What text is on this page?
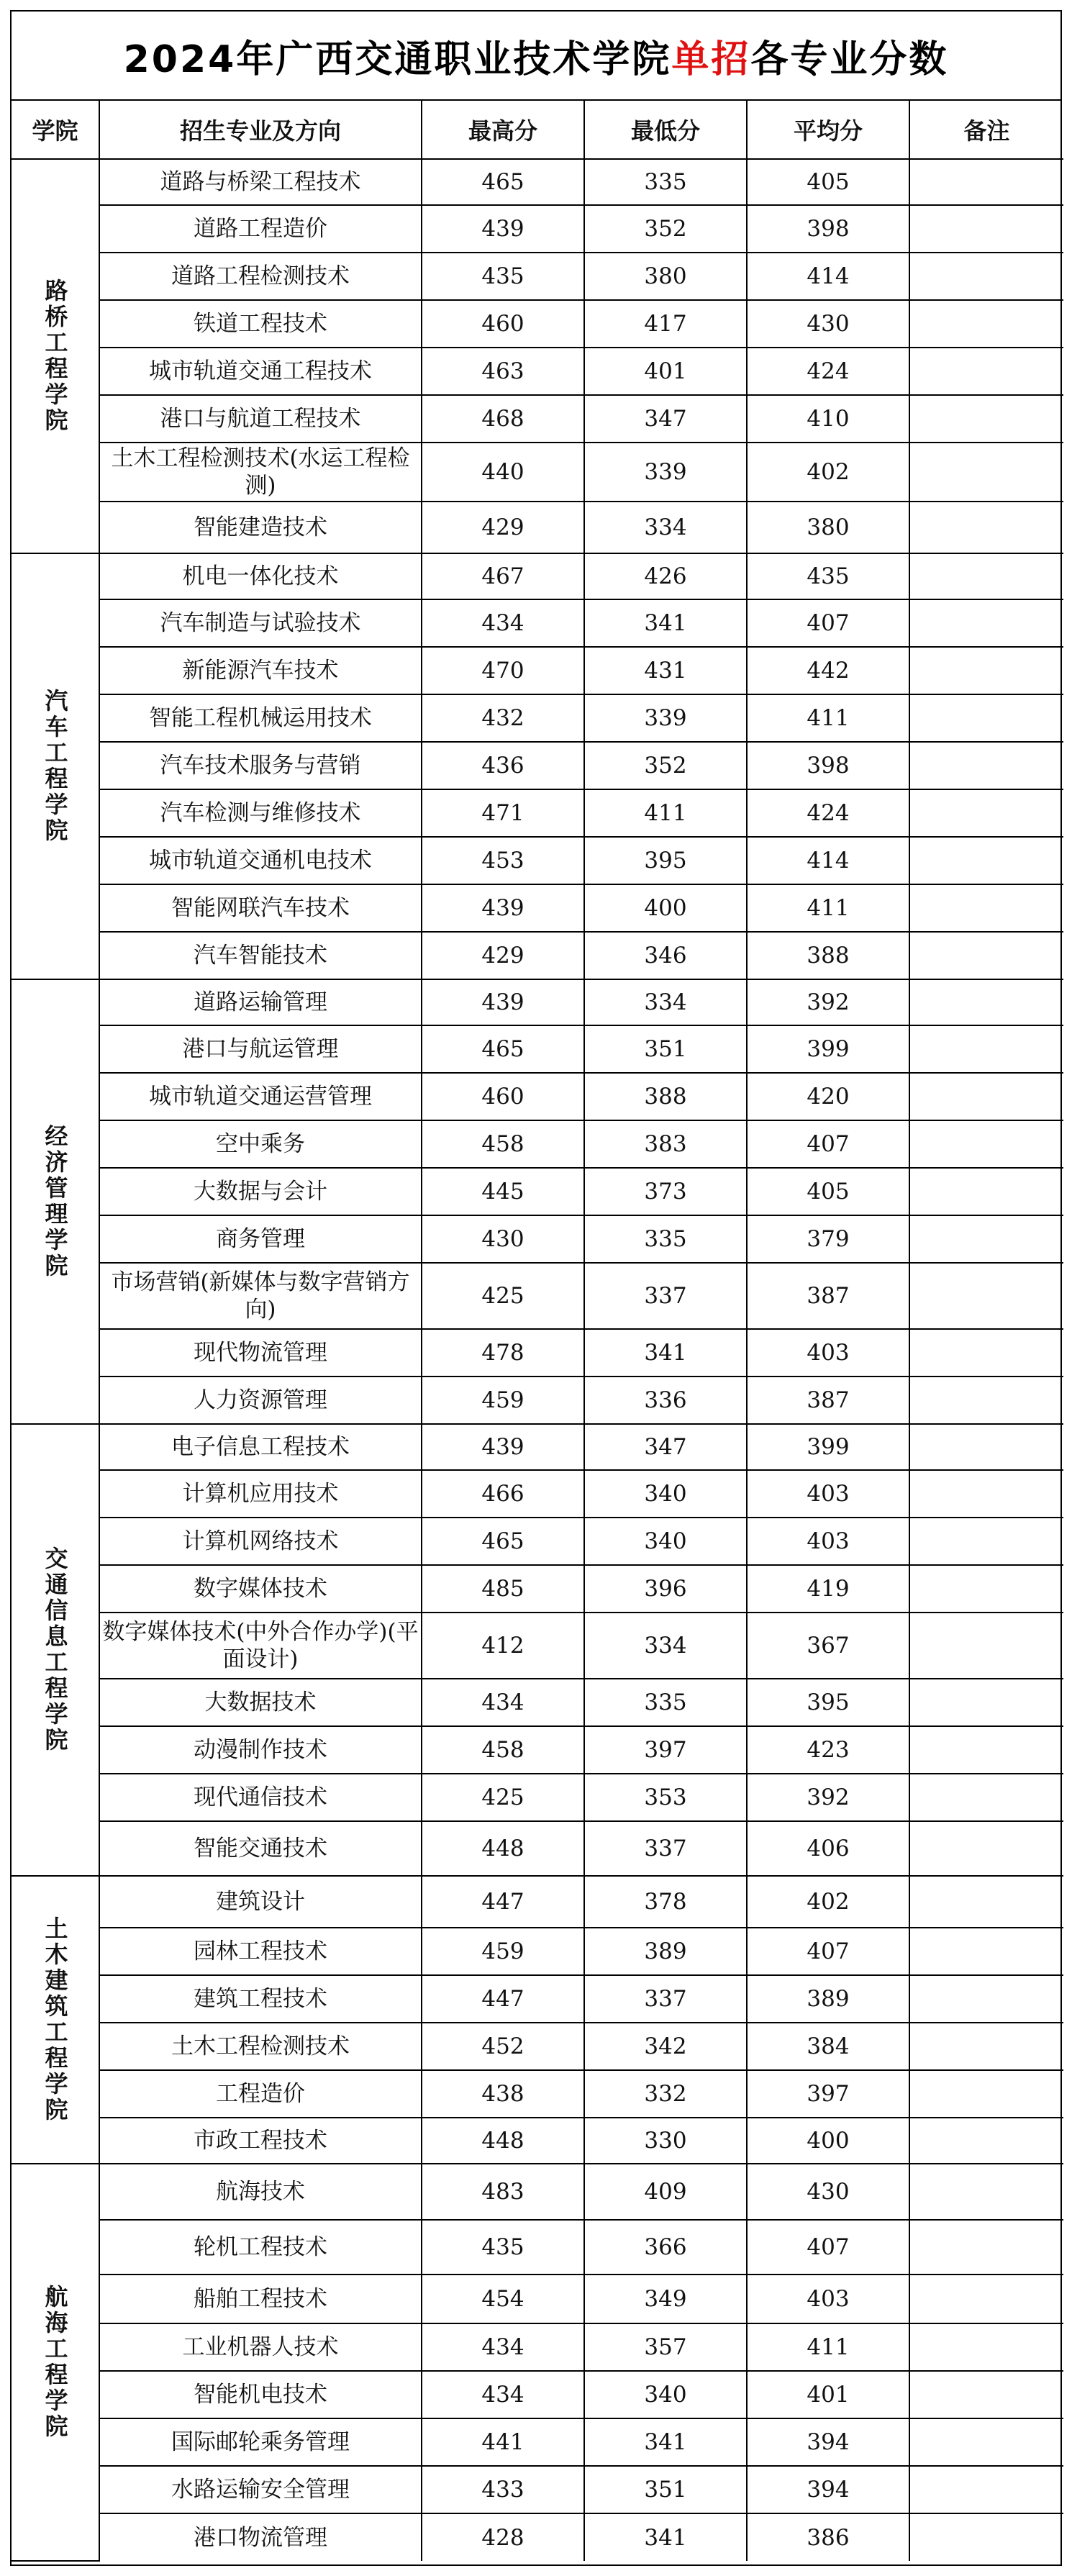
2024年广西交通职业技术学院 单招 各专业分数
学院	招生专业及方向	最高分	最低分	平均分	备注
路桥工程学院	道路与桥梁工程技术	465	335	405	
	道路工程造价	439	352	398	
	道路工程检测技术	435	380	414	
	铁道工程技术	460	417	430	
	城市轨道交通工程技术	463	401	424	
	港口与航道工程技术	468	347	410	
	土木工程检测技术(水运工程检测)	440	339	402	
	智能建造技术	429	334	380	
汽车工程学院	机电一体化技术	467	426	435	
	汽车制造与试验技术	434	341	407	
	新能源汽车技术	470	431	442	
	智能工程机械运用技术	432	339	411	
	汽车技术服务与营销	436	352	398	
	汽车检测与维修技术	471	411	424	
	城市轨道交通机电技术	453	395	414	
	智能网联汽车技术	439	400	411	
	汽车智能技术	429	346	388	
经济管理学院	道路运输管理	439	334	392	
	港口与航运管理	465	351	399	
	城市轨道交通运营管理	460	388	420	
	空中乘务	458	383	407	
	大数据与会计	445	373	405	
	商务管理	430	335	379	
	市场营销(新媒体与数字营销方向)	425	337	387	
	现代物流管理	478	341	403	
	人力资源管理	459	336	387	
交通信息工程学院	电子信息工程技术	439	347	399	
	计算机应用技术	466	340	403	
	计算机网络技术	465	340	403	
	数字媒体技术	485	396	419	
	数字媒体技术(中外合作办学)(平面设计)	412	334	367	
	大数据技术	434	335	395	
	动漫制作技术	458	397	423	
	现代通信技术	425	353	392	
	智能交通技术	448	337	406	
土木建筑工程学院	建筑设计	447	378	402	
	园林工程技术	459	389	407	
	建筑工程技术	447	337	389	
	土木工程检测技术	452	342	384	
	工程造价	438	332	397	
	市政工程技术	448	330	400	
航海工程学院	航海技术	483	409	430	
	轮机工程技术	435	366	407	
	船舶工程技术	454	349	403	
	工业机器人技术	434	357	411	
	智能机电技术	434	340	401	
	国际邮轮乘务管理	441	341	394	
	水路运输安全管理	433	351	394	
	港口物流管理	428	341	386	
